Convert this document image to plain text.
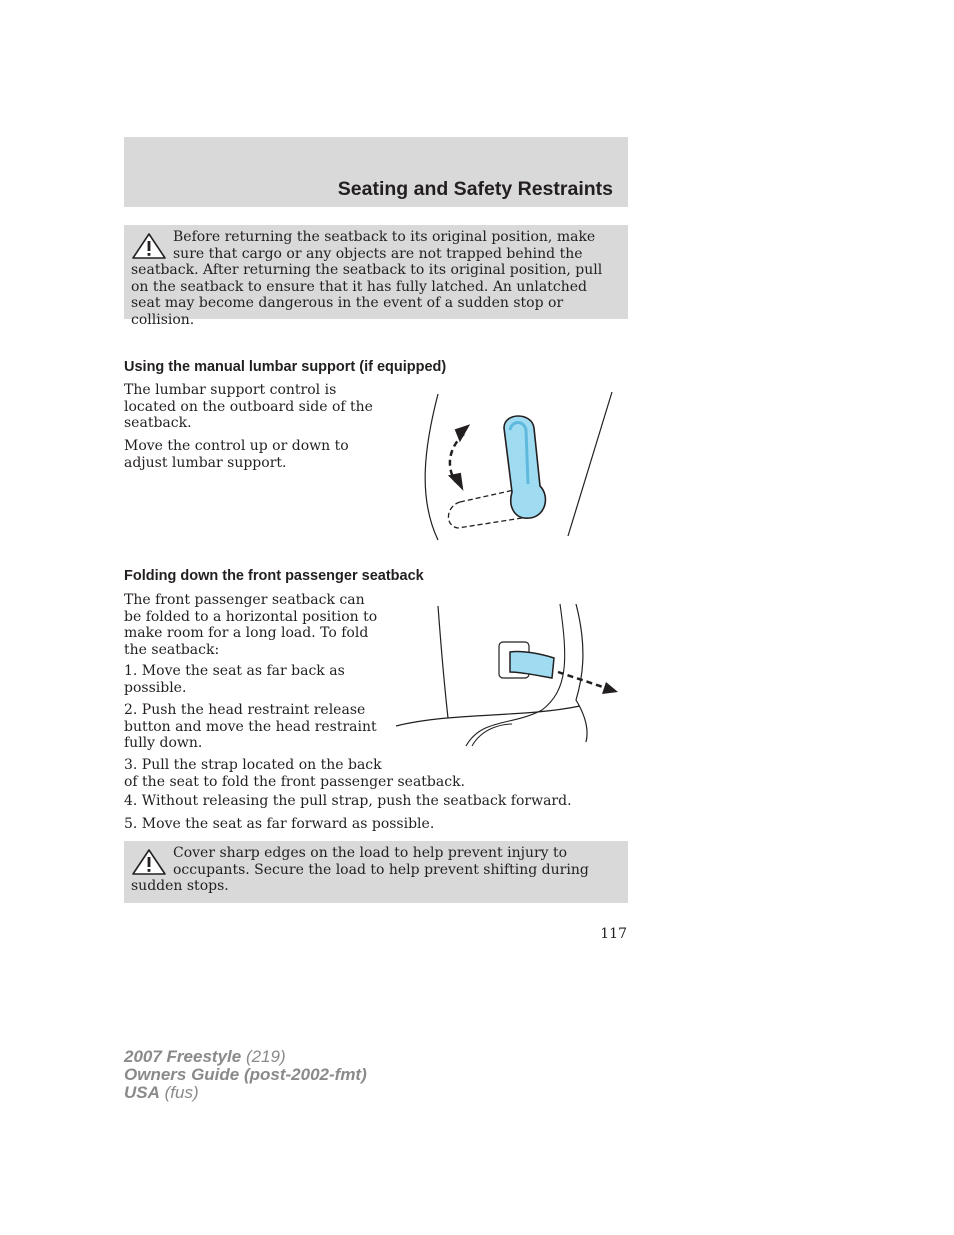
Seating and Safety Restraints

Before returning the seatback to its original position, make sure that cargo or any objects are not trapped behind the seatback. After returning the seatback to its original position, pull on the seatback to ensure that it has fully latched. An unlatched seat may become dangerous in the event of a sudden stop or collision.

Using the manual lumbar support (if equipped)

The lumbar support control is located on the outboard side of the seatback.

Move the control up or down to adjust lumbar support.

Folding down the front passenger seatback

The front passenger seatback can be folded to a horizontal position to make room for a long load. To fold the seatback:

1. Move the seat as far back as possible.

2. Push the head restraint release button and move the head restraint fully down.

3. Pull the strap located on the back
of the seat to fold the front passenger seatback.

4. Without releasing the pull strap, push the seatback forward.

5. Move the seat as far forward as possible.

Cover sharp edges on the load to help prevent injury to occupants. Secure the load to help prevent shifting during sudden stops.

117
2007 Freestyle (219)
Owners Guide (post-2002-fmt)
USA (fus)
